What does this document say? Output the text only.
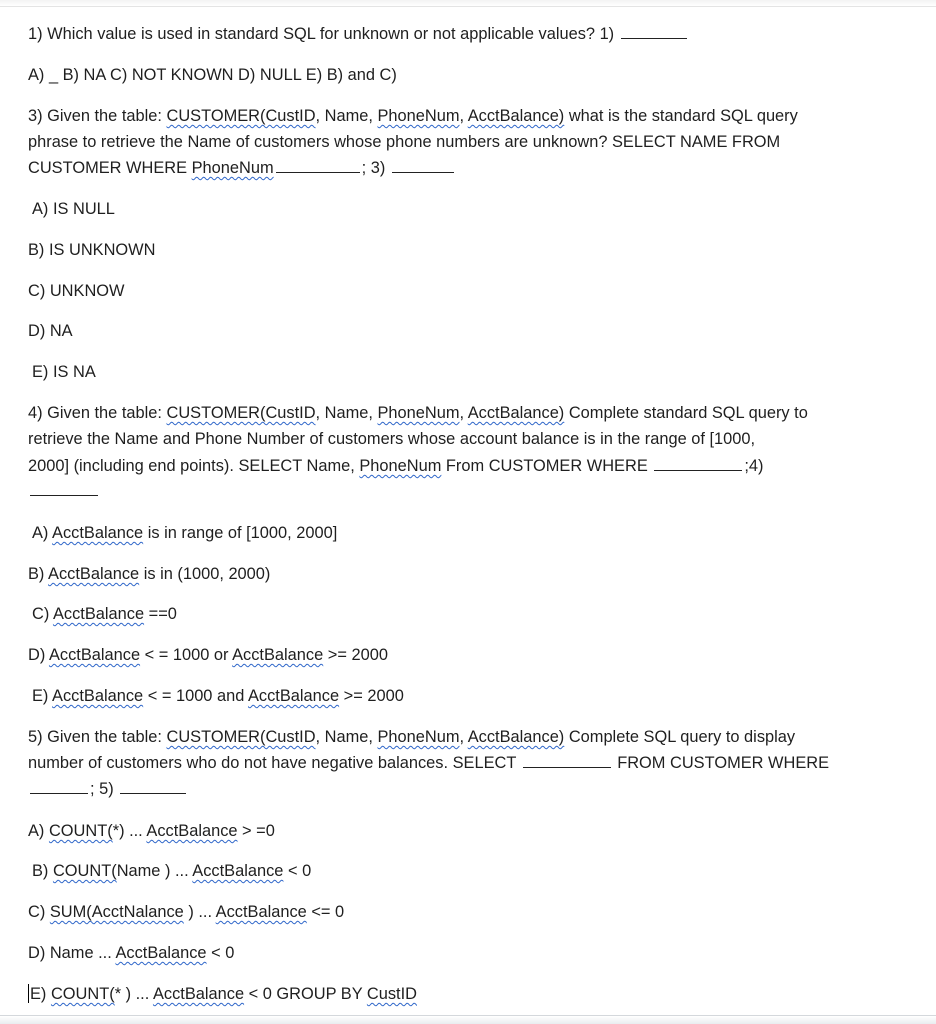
1) Which value is used in standard SQL for unknown or not applicable values? 1)
A) _ B) NA C) NOT KNOWN D) NULL E) B) and C)
3) Given the table: CUSTOMER(CustID, Name, PhoneNum, AcctBalance) what is the standard SQL query
phrase to retrieve the Name of customers whose phone numbers are unknown? SELECT NAME FROM
CUSTOMER WHERE PhoneNum	; 3)
A) IS NULL
B) IS UNKNOWN
C) UNKNOW
D) NA
E) IS NA
4) Given the table: CUSTOMER(CustID, Name, PhoneNum, AcctBalance) Complete standard SQL query to
retrieve the Name and Phone Number of customers whose account balance is in the range of [1000,
2000] (including end points). SELECT Name, PhoneNum From CUSTOMER WHERE	;4)
A) AcctBalance is in range of [1000, 2000]
B) AcctBalance is in (1000, 2000)
C) AcctBalance ==0
D) AcctBalance < = 1000 or AcctBalance >= 2000
E) AcctBalance < = 1000 and AcctBalance >= 2000
5) Given the table: CUSTOMER(CustID, Name, PhoneNum, AcctBalance) Complete SQL query to display
number of customers who do not have negative balances. SELECT	FROM CUSTOMER WHERE
; 5)
A) COUNT(*) ... AcctBalance > =0
B) COUNT(Name ) ... AcctBalance < 0
C) SUM(AcctNalance ) ... AcctBalance <= 0
D) Name ... AcctBalance < 0
E) COUNT(* ) ... AcctBalance < 0 GROUP BY CustID
